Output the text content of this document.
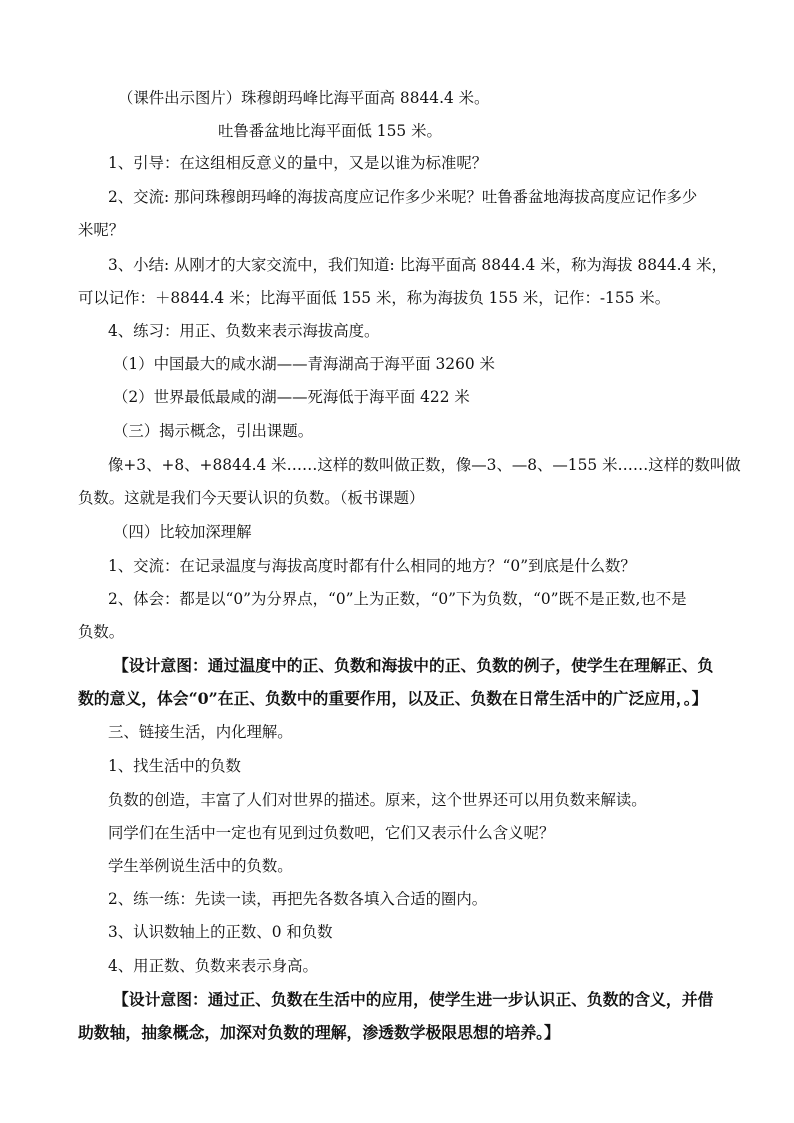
（课件出示图片）珠穆朗玛峰比海平面高 8844.4 米。
吐鲁番盆地比海平面低 155 米。
1、引导：在这组相反意义的量中，又是以谁为标准呢？
2、交流: 那问珠穆朗玛峰的海拔高度应记作多少米呢？吐鲁番盆地海拔高度应记作多少
米呢？
3、小结: 从刚才的大家交流中，我们知道: 比海平面高 8844.4 米，称为海拔 8844.4 米，
可以记作：＋8844.4 米；比海平面低 155 米，称为海拔负 155 米，记作：-155 米。
4、练习：用正、负数来表示海拔高度。
（1）中国最大的咸水湖——青海湖高于海平面 3260 米
（2）世界最低最咸的湖——死海低于海平面 422 米
（三）揭示概念，引出课题。
像+3、+8、+8844.4 米……这样的数叫做正数，像—3、—8、—155 米……这样的数叫做
负数。这就是我们今天要认识的负数。（板书课题）
（四）比较加深理解
1、交流：在记录温度与海拔高度时都有什么相同的地方？“0”到底是什么数？
2、体会：都是以“0”为分界点，“0”上为正数，“0”下为负数，“0”既不是正数,也不是
负数。
【设计意图：通过温度中的正、负数和海拔中的正、负数的例子，使学生在理解正、负
数的意义，体会“0”在正、负数中的重要作用，以及正、负数在日常生活中的广泛应用，。】
三、链接生活，内化理解。
1、找生活中的负数
负数的创造，丰富了人们对世界的描述。原来，这个世界还可以用负数来解读。
同学们在生活中一定也有见到过负数吧，它们又表示什么含义呢？
学生举例说生活中的负数。
2、练一练：先读一读，再把先各数各填入合适的圈内。
3、认识数轴上的正数、0 和负数
4、用正数、负数来表示身高。
【设计意图：通过正、负数在生活中的应用，使学生进一步认识正、负数的含义，并借
助数轴，抽象概念，加深对负数的理解，渗透数学极限思想的培养。】
